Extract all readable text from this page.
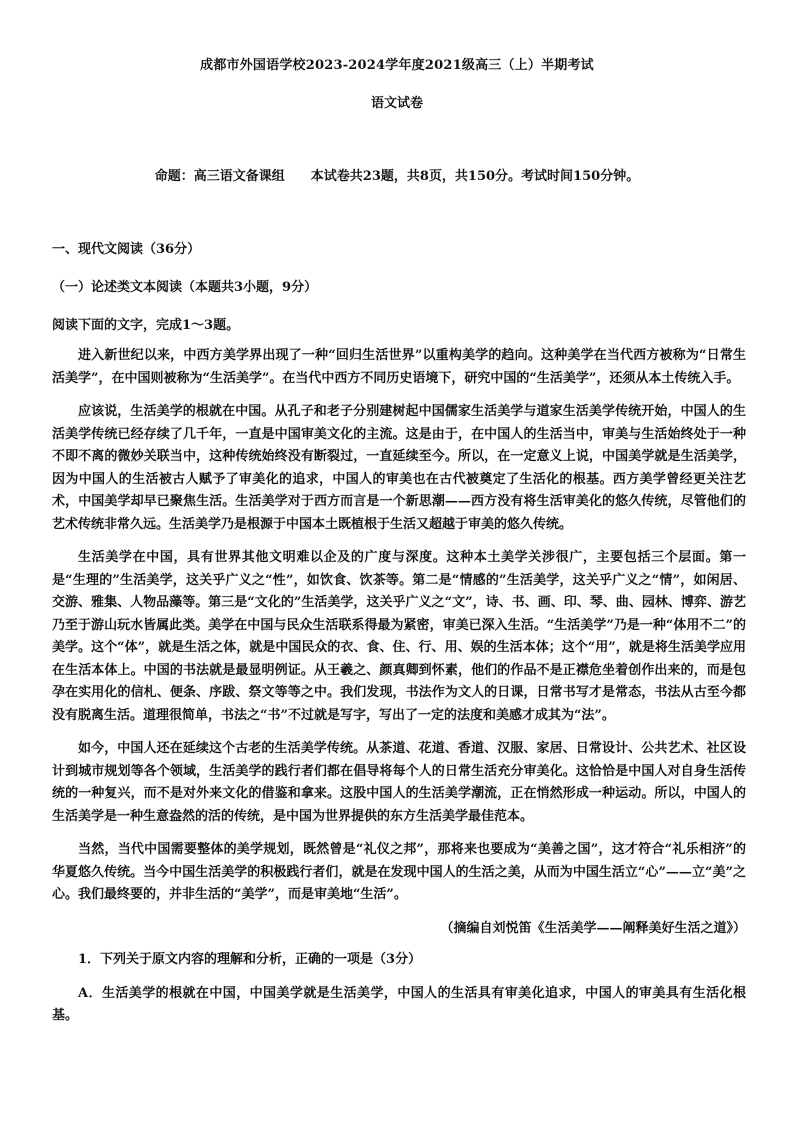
成都市外国语学校2023-2024学年度2021级高三（上）半期考试
语文试卷
命题：高三语文备课组　　本试卷共23题，共8页，共150分。考试时间150分钟。
一、现代文阅读（36分）
（一）论述类文本阅读（本题共3小题，9分）
阅读下面的文字，完成1～3题。

进入新世纪以来，中西方美学界出现了一种“回归生活世界”以重构美学的趋向。这种美学在当代西方被称为“日常生活美学”，在中国则被称为“生活美学”。在当代中西方不同历史语境下，研究中国的“生活美学”，还须从本土传统入手。

应该说，生活美学的根就在中国。从孔子和老子分别建树起中国儒家生活美学与道家生活美学传统开始，中国人的生活美学传统已经存续了几千年，一直是中国审美文化的主流。这是由于，在中国人的生活当中，审美与生活始终处于一种不即不离的微妙关联当中，这种传统始终没有断裂过，一直延续至今。所以，在一定意义上说，中国美学就是生活美学，因为中国人的生活被古人赋予了审美化的追求，中国人的审美也在古代被奠定了生活化的根基。西方美学曾经更关注艺术，中国美学却早已聚焦生活。生活美学对于西方而言是一个新思潮——西方没有将生活审美化的悠久传统，尽管他们的艺术传统非常久远。生活美学乃是根源于中国本土既植根于生活又超越于审美的悠久传统。

生活美学在中国，具有世界其他文明难以企及的广度与深度。这种本土美学关涉很广，主要包括三个层面。第一是“生理的”生活美学，这关乎广义之“性”，如饮食、饮茶等。第二是“情感的”生活美学，这关乎广义之“情”，如闲居、交游、雅集、人物品藻等。第三是“文化的”生活美学，这关乎广义之“文”，诗、书、画、印、琴、曲、园林、博弈、游艺乃至于游山玩水皆属此类。美学在中国与民众生活联系得最为紧密，审美已深入生活。“生活美学”乃是一种“体用不二”的美学。这个“体”，就是生活之体，就是中国民众的衣、食、住、行、用、娱的生活本体；这个“用”，就是将生活美学应用在生活本体上。中国的书法就是最显明例证。从王羲之、颜真卿到怀素，他们的作品不是正襟危坐着创作出来的，而是包孕在实用化的信札、便条、序跋、祭文等等之中。我们发现，书法作为文人的日课，日常书写才是常态，书法从古至今都没有脱离生活。道理很简单，书法之“书”不过就是写字，写出了一定的法度和美感才成其为“法”。

如今，中国人还在延续这个古老的生活美学传统。从茶道、花道、香道、汉服、家居、日常设计、公共艺术、社区设计到城市规划等各个领域，生活美学的践行者们都在倡导将每个人的日常生活充分审美化。这恰恰是中国人对自身生活传统的一种复兴，而不是对外来文化的借鉴和拿来。这股中国人的生活美学潮流，正在悄然形成一种运动。所以，中国人的生活美学是一种生意盎然的活的传统，是中国为世界提供的东方生活美学最佳范本。

当然，当代中国需要整体的美学规划，既然曾是“礼仪之邦”，那将来也要成为“美善之国”，这才符合“礼乐相济”的华夏悠久传统。当今中国生活美学的积极践行者们，就是在发现中国人的生活之美，从而为中国生活立“心”——立“美”之心。我们最终要的，并非生活的“美学”，而是审美地“生活”。

（摘编自刘悦笛《生活美学——阐释美好生活之道》）

1．下列关于原文内容的理解和分析，正确的一项是（3分）

A．生活美学的根就在中国，中国美学就是生活美学，中国人的生活具有审美化追求，中国人的审美具有生活化根基。
